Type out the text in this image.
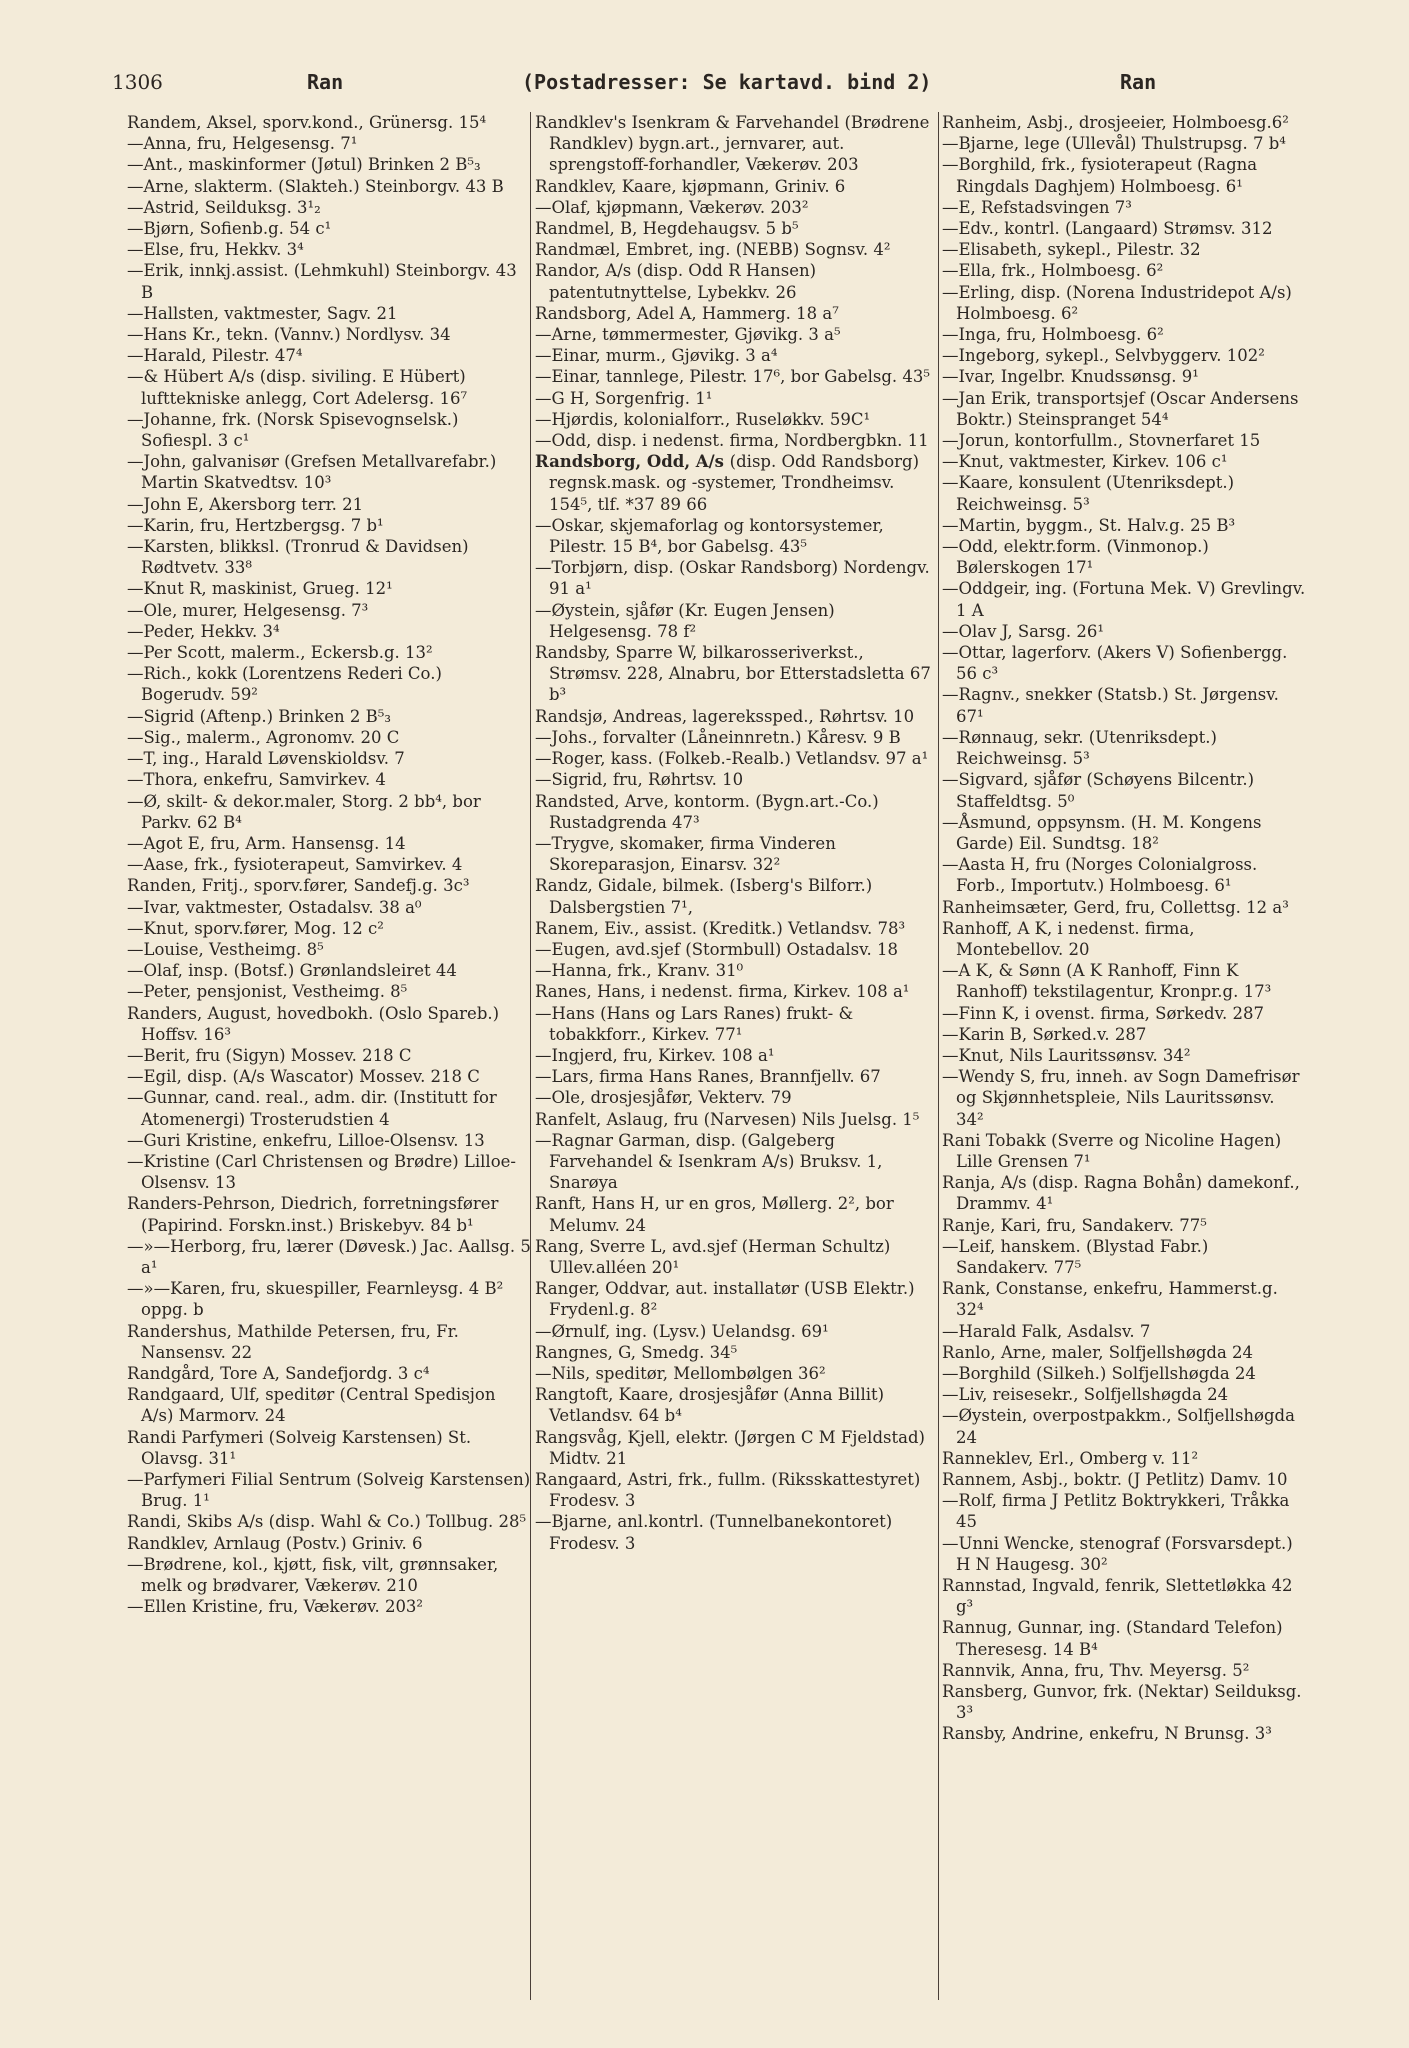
1306	Ran	(Postadresser: Se kartavd. bind 2)	Ran

Randem, Aksel, sporv.kond., Grünersg. 15⁴

—Anna, fru, Helgesensg. 7¹

—Ant., maskinformer (Jøtul) Brinken 2 B⁵₃

—Arne, slakterm. (Slakteh.) Steinborgv. 43 B

—Astrid, Seilduksg. 3¹₂

—Bjørn, Sofienb.g. 54 c¹

—Else, fru, Hekkv. 3⁴

—Erik, innkj.assist. (Lehmkuhl) Steinborgv. 43 B

—Hallsten, vaktmester, Sagv. 21

—Hans Kr., tekn. (Vannv.) Nordlysv. 34

—Harald, Pilestr. 47⁴

—& Hübert A/s (disp. siviling. E Hübert) lufttekniske anlegg, Cort Adelersg. 16⁷

—Johanne, frk. (Norsk Spisevognselsk.) Sofiespl. 3 c¹

—John, galvanisør (Grefsen Metallvarefabr.) Martin Skatvedtsv. 10³

—John E, Akersborg terr. 21

—Karin, fru, Hertzbergsg. 7 b¹

—Karsten, blikksl. (Tronrud & Davidsen) Rødtvetv. 33⁸

—Knut R, maskinist, Grueg. 12¹

—Ole, murer, Helgesensg. 7³

—Peder, Hekkv. 3⁴

—Per Scott, malerm., Eckersb.g. 13²

—Rich., kokk (Lorentzens Rederi Co.) Bogerudv. 59²

—Sigrid (Aftenp.) Brinken 2 B⁵₃

—Sig., malerm., Agronomv. 20 C

—T, ing., Harald Løvenskioldsv. 7

—Thora, enkefru, Samvirkev. 4

—Ø, skilt- & dekor.maler, Storg. 2 bb⁴, bor Parkv. 62 B⁴

—Agot E, fru, Arm. Hansensg. 14

—Aase, frk., fysioterapeut, Samvirkev. 4

Randen, Fritj., sporv.fører, Sandefj.g. 3c³

—Ivar, vaktmester, Ostadalsv. 38 a⁰

—Knut, sporv.fører, Mog. 12 c²

—Louise, Vestheimg. 8⁵

—Olaf, insp. (Botsf.) Grønlandsleiret 44

—Peter, pensjonist, Vestheimg. 8⁵

Randers, August, hovedbokh. (Oslo Spareb.) Hoffsv. 16³

—Berit, fru (Sigyn) Mossev. 218 C

—Egil, disp. (A/s Wascator) Mossev. 218 C

—Gunnar, cand. real., adm. dir. (Institutt for Atomenergi) Trosterudstien 4

—Guri Kristine, enkefru, Lilloe-Olsensv. 13

—Kristine (Carl Christensen og Brødre) Lilloe-Olsensv. 13

Randers-Pehrson, Diedrich, forretningsfører (Papirind. Forskn.inst.) Briskebyv. 84 b¹

—»—Herborg, fru, lærer (Døvesk.) Jac. Aallsg. 5 a¹

—»—Karen, fru, skuespiller, Fearnleysg. 4 B² oppg. b

Randershus, Mathilde Petersen, fru, Fr. Nansensv. 22

Randgård, Tore A, Sandefjordg. 3 c⁴

Randgaard, Ulf, speditør (Central Spedisjon A/s) Marmorv. 24

Randi Parfymeri (Solveig Karstensen) St. Olavsg. 31¹

—Parfymeri Filial Sentrum (Solveig Karstensen) Brug. 1¹

Randi, Skibs A/s (disp. Wahl & Co.) Tollbug. 28⁵

Randklev, Arnlaug (Postv.) Griniv. 6

—Brødrene, kol., kjøtt, fisk, vilt, grønnsaker, melk og brødvarer, Vækerøv. 210

—Ellen Kristine, fru, Vækerøv. 203²

Randklev's Isenkram & Farvehandel (Brødrene Randklev) bygn.art., jernvarer, aut. sprengstoff-forhandler, Vækerøv. 203

Randklev, Kaare, kjøpmann, Griniv. 6

—Olaf, kjøpmann, Vækerøv. 203²

Randmel, B, Hegdehaugsv. 5 b⁵

Randmæl, Embret, ing. (NEBB) Sognsv. 4²

Randor, A/s (disp. Odd R Hansen) patentutnyttelse, Lybekkv. 26

Randsborg, Adel A, Hammerg. 18 a⁷

—Arne, tømmermester, Gjøvikg. 3 a⁵

—Einar, murm., Gjøvikg. 3 a⁴

—Einar, tannlege, Pilestr. 17⁶, bor Gabelsg. 43⁵

—G H, Sorgenfrig. 1¹

—Hjørdis, kolonialforr., Ruseløkkv. 59C¹

—Odd, disp. i nedenst. firma, Nordbergbkn. 11

Randsborg, Odd, A/s (disp. Odd Randsborg) regnsk.mask. og -systemer, Trondheimsv. 154⁵, tlf. *37 89 66

—Oskar, skjemaforlag og kontorsystemer, Pilestr. 15 B⁴, bor Gabelsg. 43⁵

—Torbjørn, disp. (Oskar Randsborg) Nordengv. 91 a¹

—Øystein, sjåfør (Kr. Eugen Jensen) Helgesensg. 78 f²

Randsby, Sparre W, bilkarosseriverkst., Strømsv. 228, Alnabru, bor Etterstadsletta 67 b³

Randsjø, Andreas, lagerekssped., Røhrtsv. 10

—Johs., forvalter (Låneinnretn.) Kåresv. 9 B

—Roger, kass. (Folkeb.-Realb.) Vetlandsv. 97 a¹

—Sigrid, fru, Røhrtsv. 10

Randsted, Arve, kontorm. (Bygn.art.-Co.) Rustadgrenda 47³

—Trygve, skomaker, firma Vinderen Skoreparasjon, Einarsv. 32²

Randz, Gidale, bilmek. (Isberg's Bilforr.) Dalsbergstien 7¹,

Ranem, Eiv., assist. (Kreditk.) Vetlandsv. 78³

—Eugen, avd.sjef (Stormbull) Ostadalsv. 18

—Hanna, frk., Kranv. 31⁰

Ranes, Hans, i nedenst. firma, Kirkev. 108 a¹

—Hans (Hans og Lars Ranes) frukt- & tobakkforr., Kirkev. 77¹

—Ingjerd, fru, Kirkev. 108 a¹

—Lars, firma Hans Ranes, Brannfjellv. 67

—Ole, drosjesjåfør, Vekterv. 79

Ranfelt, Aslaug, fru (Narvesen) Nils Juelsg. 1⁵

—Ragnar Garman, disp. (Galgeberg Farvehandel & Isenkram A/s) Bruksv. 1, Snarøya

Ranft, Hans H, ur en gros, Møllerg. 2², bor Melumv. 24

Rang, Sverre L, avd.sjef (Herman Schultz) Ullev.alléen 20¹

Ranger, Oddvar, aut. installatør (USB Elektr.) Frydenl.g. 8²

—Ørnulf, ing. (Lysv.) Uelandsg. 69¹

Rangnes, G, Smedg. 34⁵

—Nils, speditør, Mellombølgen 36²

Rangtoft, Kaare, drosjesjåfør (Anna Billit) Vetlandsv. 64 b⁴

Rangsvåg, Kjell, elektr. (Jørgen C M Fjeldstad) Midtv. 21

Rangaard, Astri, frk., fullm. (Riksskattestyret) Frodesv. 3

—Bjarne, anl.kontrl. (Tunnelbanekontoret) Frodesv. 3

Ranheim, Asbj., drosjeeier, Holmboesg.6²

—Bjarne, lege (Ullevål) Thulstrupsg. 7 b⁴

—Borghild, frk., fysioterapeut (Ragna Ringdals Daghjem) Holmboesg. 6¹

—E, Refstadsvingen 7³

—Edv., kontrl. (Langaard) Strømsv. 312

—Elisabeth, sykepl., Pilestr. 32

—Ella, frk., Holmboesg. 6²

—Erling, disp. (Norena Industridepot A/s) Holmboesg. 6²

—Inga, fru, Holmboesg. 6²

—Ingeborg, sykepl., Selvbyggerv. 102²

—Ivar, Ingelbr. Knudssønsg. 9¹

—Jan Erik, transportsjef (Oscar Andersens Boktr.) Steinspranget 54⁴

—Jorun, kontorfullm., Stovnerfaret 15

—Knut, vaktmester, Kirkev. 106 c¹

—Kaare, konsulent (Utenriksdept.) Reichweinsg. 5³

—Martin, byggm., St. Halv.g. 25 B³

—Odd, elektr.form. (Vinmonop.) Bølerskogen 17¹

—Oddgeir, ing. (Fortuna Mek. V) Grevlingv. 1 A

—Olav J, Sarsg. 26¹

—Ottar, lagerforv. (Akers V) Sofienbergg. 56 c³

—Ragnv., snekker (Statsb.) St. Jørgensv. 67¹

—Rønnaug, sekr. (Utenriksdept.) Reichweinsg. 5³

—Sigvard, sjåfør (Schøyens Bilcentr.) Staffeldtsg. 5⁰

—Åsmund, oppsynsm. (H. M. Kongens Garde) Eil. Sundtsg. 18²

—Aasta H, fru (Norges Colonialgross. Forb., Importutv.) Holmboesg. 6¹

Ranheimsæter, Gerd, fru, Collettsg. 12 a³

Ranhoff, A K, i nedenst. firma, Montebellov. 20

—A K, & Sønn (A K Ranhoff, Finn K Ranhoff) tekstilagentur, Kronpr.g. 17³

—Finn K, i ovenst. firma, Sørkedv. 287

—Karin B, Sørked.v. 287

—Knut, Nils Lauritssønsv. 34²

—Wendy S, fru, inneh. av Sogn Damefrisør og Skjønnhetspleie, Nils Lauritssønsv. 34²

Rani Tobakk (Sverre og Nicoline Hagen) Lille Grensen 7¹

Ranja, A/s (disp. Ragna Bohån) damekonf., Drammv. 4¹

Ranje, Kari, fru, Sandakerv. 77⁵

—Leif, hanskem. (Blystad Fabr.) Sandakerv. 77⁵

Rank, Constanse, enkefru, Hammerst.g. 32⁴

—Harald Falk, Asdalsv. 7

Ranlo, Arne, maler, Solfjellshøgda 24

—Borghild (Silkeh.) Solfjellshøgda 24

—Liv, reisesekr., Solfjellshøgda 24

—Øystein, overpostpakkm., Solfjellshøgda 24

Ranneklev, Erl., Omberg v. 11²

Rannem, Asbj., boktr. (J Petlitz) Damv. 10

—Rolf, firma J Petlitz Boktrykkeri, Tråkka 45

—Unni Wencke, stenograf (Forsvarsdept.) H N Haugesg. 30²

Rannstad, Ingvald, fenrik, Slettetløkka 42 g³

Rannug, Gunnar, ing. (Standard Telefon) Theresesg. 14 B⁴

Rannvik, Anna, fru, Thv. Meyersg. 5²

Ransberg, Gunvor, frk. (Nektar) Seilduksg. 3³

Ransby, Andrine, enkefru, N Brunsg. 3³
